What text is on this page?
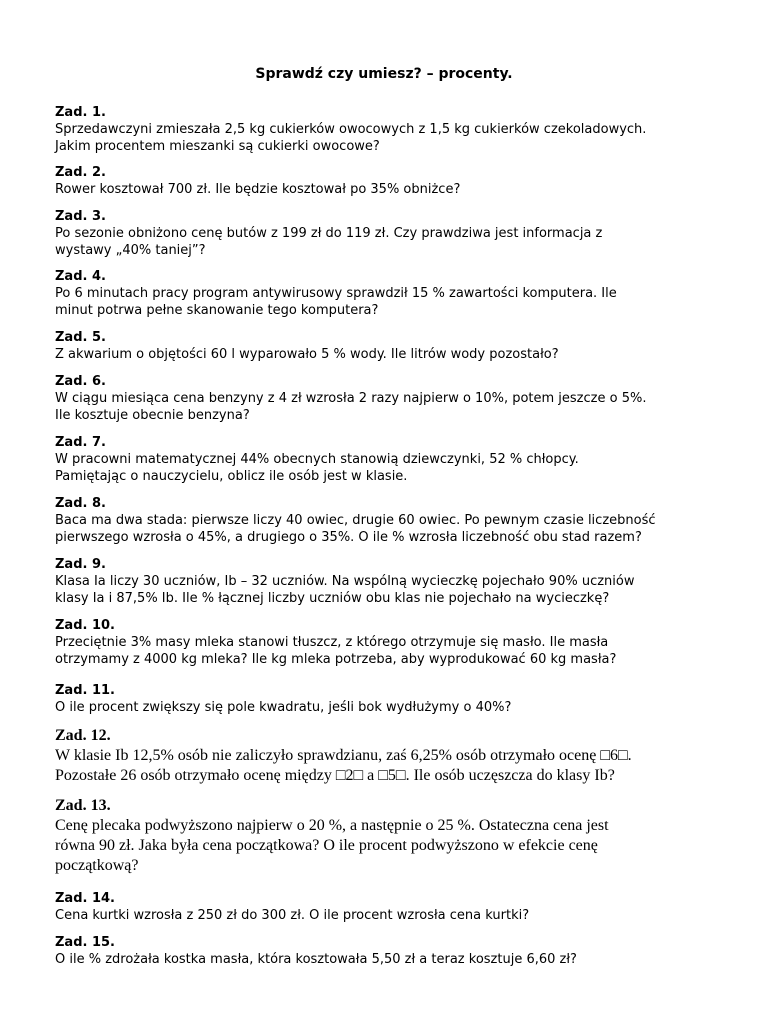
Sprawdź czy umiesz? – procenty.
Zad. 1.
Sprzedawczyni zmieszała 2,5 kg cukierków owocowych z 1,5 kg cukierków czekoladowych.
Jakim procentem mieszanki są cukierki owocowe?
Zad. 2.
Rower kosztował 700 zł. Ile będzie kosztował po 35% obniżce?
Zad. 3.
Po sezonie obniżono cenę butów z 199 zł do 119 zł. Czy prawdziwa jest informacja z
wystawy „40% taniej”?
Zad. 4.
Po 6 minutach pracy program antywirusowy sprawdził 15 % zawartości komputera. Ile
minut potrwa pełne skanowanie tego komputera?
Zad. 5.
Z akwarium o objętości 60 l wyparowało 5 % wody. Ile litrów wody pozostało?
Zad. 6.
W ciągu miesiąca cena benzyny z 4 zł wzrosła 2 razy najpierw o 10%, potem jeszcze o 5%.
Ile kosztuje obecnie benzyna?
Zad. 7.
W pracowni matematycznej 44% obecnych stanowią dziewczynki, 52 % chłopcy.
Pamiętając o nauczycielu, oblicz ile osób jest w klasie.
Zad. 8.
Baca ma dwa stada: pierwsze liczy 40 owiec, drugie 60 owiec. Po pewnym czasie liczebność
pierwszego wzrosła o 45%, a drugiego o 35%. O ile % wzrosła liczebność obu stad razem?
Zad. 9.
Klasa Ia liczy 30 uczniów, Ib – 32 uczniów. Na wspólną wycieczkę pojechało 90% uczniów
klasy Ia i 87,5% Ib. Ile % łącznej liczby uczniów obu klas nie pojechało na wycieczkę?
Zad. 10.
Przeciętnie 3% masy mleka stanowi tłuszcz, z którego otrzymuje się masło. Ile masła
otrzymamy z 4000 kg mleka? Ile kg mleka potrzeba, aby wyprodukować 60 kg masła?
Zad. 11.
O ile procent zwiększy się pole kwadratu, jeśli bok wydłużymy o 40%?
Zad. 12.
W klasie Ib 12,5% osób nie zaliczyło sprawdzianu, zaś 6,25% osób otrzymało ocenę □6□.
Pozostałe 26 osób otrzymało ocenę między □2□ a □5□. Ile osób uczęszcza do klasy Ib?
Zad. 13.
Cenę plecaka podwyższono najpierw o 20 %, a następnie o 25 %. Ostateczna cena jest
równa 90 zł. Jaka była cena początkowa? O ile procent podwyższono w efekcie cenę
początkową?
Zad. 14.
Cena kurtki wzrosła z 250 zł do 300 zł. O ile procent wzrosła cena kurtki?
Zad. 15.
O ile % zdrożała kostka masła, która kosztowała 5,50 zł a teraz kosztuje 6,60 zł?
